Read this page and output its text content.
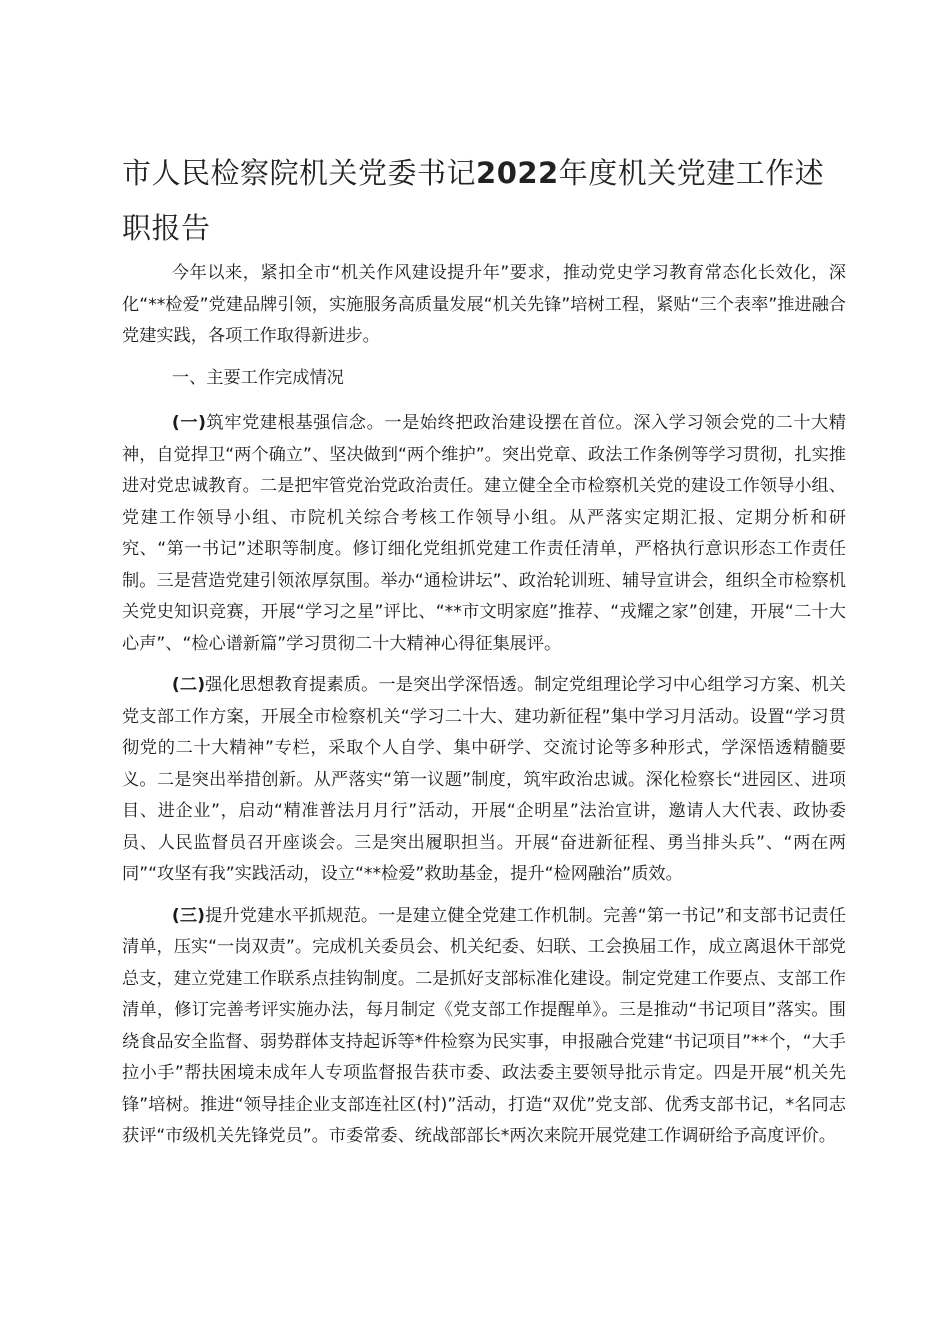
市人民检察院机关党委书记2022年度机关党建工作述职报告

今年以来，紧扣全市“机关作风建设提升年”要求，推动党史学习教育常态化长效化，深化“**检爱”党建品牌引领，实施服务高质量发展“机关先锋”培树工程，紧贴“三个表率”推进融合党建实践，各项工作取得新进步。

一、主要工作完成情况

(一)筑牢党建根基强信念。一是始终把政治建设摆在首位。深入学习领会党的二十大精神，自觉捍卫“两个确立”、坚决做到“两个维护”。突出党章、政法工作条例等学习贯彻，扎实推进对党忠诚教育。二是把牢管党治党政治责任。建立健全全市检察机关党的建设工作领导小组、党建工作领导小组、市院机关综合考核工作领导小组。从严落实定期汇报、定期分析和研究、“第一书记”述职等制度。修订细化党组抓党建工作责任清单，严格执行意识形态工作责任制。三是营造党建引领浓厚氛围。举办“通检讲坛”、政治轮训班、辅导宣讲会，组织全市检察机关党史知识竞赛，开展“学习之星”评比、“**市文明家庭”推荐、“戎耀之家”创建，开展“二十大心声”、“检心谱新篇”学习贯彻二十大精神心得征集展评。

(二)强化思想教育提素质。一是突出学深悟透。制定党组理论学习中心组学习方案、机关党支部工作方案，开展全市检察机关“学习二十大、建功新征程”集中学习月活动。设置“学习贯彻党的二十大精神”专栏，采取个人自学、集中研学、交流讨论等多种形式，学深悟透精髓要义。二是突出举措创新。从严落实“第一议题”制度，筑牢政治忠诚。深化检察长“进园区、进项目、进企业”，启动“精准普法月月行”活动，开展“企明星”法治宣讲，邀请人大代表、政协委员、人民监督员召开座谈会。三是突出履职担当。开展“奋进新征程、勇当排头兵”、“两在两同”“攻坚有我”实践活动，设立“**检爱”救助基金，提升“检网融治”质效。

(三)提升党建水平抓规范。一是建立健全党建工作机制。完善“第一书记”和支部书记责任清单，压实“一岗双责”。完成机关委员会、机关纪委、妇联、工会换届工作，成立离退休干部党总支，建立党建工作联系点挂钩制度。二是抓好支部标准化建设。制定党建工作要点、支部工作清单，修订完善考评实施办法，每月制定《党支部工作提醒单》。三是推动“书记项目”落实。围绕食品安全监督、弱势群体支持起诉等*件检察为民实事，申报融合党建“书记项目”**个，“大手拉小手”帮扶困境未成年人专项监督报告获市委、政法委主要领导批示肯定。四是开展“机关先锋”培树。推进“领导挂企业支部连社区(村)”活动，打造“双优”党支部、优秀支部书记，*名同志获评“市级机关先锋党员”。市委常委、统战部部长*两次来院开展党建工作调研给予高度评价。
